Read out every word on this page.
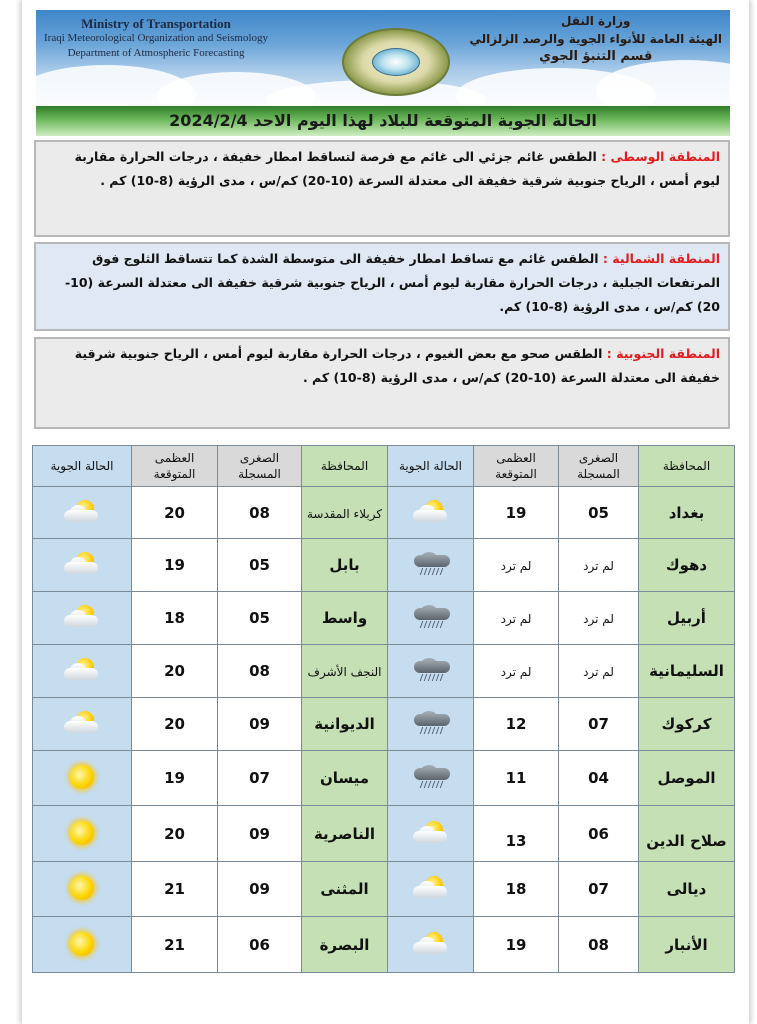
Ministry of Transportation
Iraqi Meteorological Organization and Seismology
Department of Atmospheric Forecasting
وزارة النقل
الهيئة العامة للأنواء الجوية والرصد الزلزالي
قسم التنبؤ الجوي
الحالة الجوية المتوقعة للبلاد لهذا اليوم الاحد 2024/2/4
المنطقة الوسطى : الطقس غائم جزئي الى غائم مع فرصة لتساقط امطار خفيفة ، درجات الحرارة مقاربة ليوم أمس ، الرياح جنوبية شرقية خفيفة الى معتدلة السرعة (10-20) كم/س ، مدى الرؤية (8-10) كم .
المنطقة الشمالية : الطقس غائم مع تساقط امطار خفيفة الى متوسطة الشدة كما تتساقط الثلوج فوق المرتفعات الجبلية ، درجات الحرارة مقاربة ليوم أمس ، الرياح جنوبية شرقية خفيفة الى معتدلة السرعة (10-20) كم/س ، مدى الرؤية (8-10) كم.
المنطقة الجنوبية : الطقس صحو مع بعض الغيوم ، درجات الحرارة مقاربة ليوم أمس ، الرياح جنوبية شرقية خفيفة الى معتدلة السرعة (10-20) كم/س ، مدى الرؤية (8-10) كم .
المحافظة	الصغرى المسجلة	العظمى المتوقعة	الحالة الجوية	المحافظة	الصغرى المسجلة	العظمى المتوقعة	الحالة الجوية
بغداد	05	19		كربلاء المقدسة	08	20	

دهوك	لم ترد	لم ترد		بابل	05	19	

أربيل	لم ترد	لم ترد		واسط	05	18	

السليمانية	لم ترد	لم ترد		النجف الأشرف	08	20	

كركوك	07	12		الديوانية	09	20	

الموصل	04	11		ميسان	07	19	

صلاح الدين	06	13		الناصرية	09	20	

ديالى	07	18		المثنى	09	21	

الأنبار	08	19		البصرة	06	21	
